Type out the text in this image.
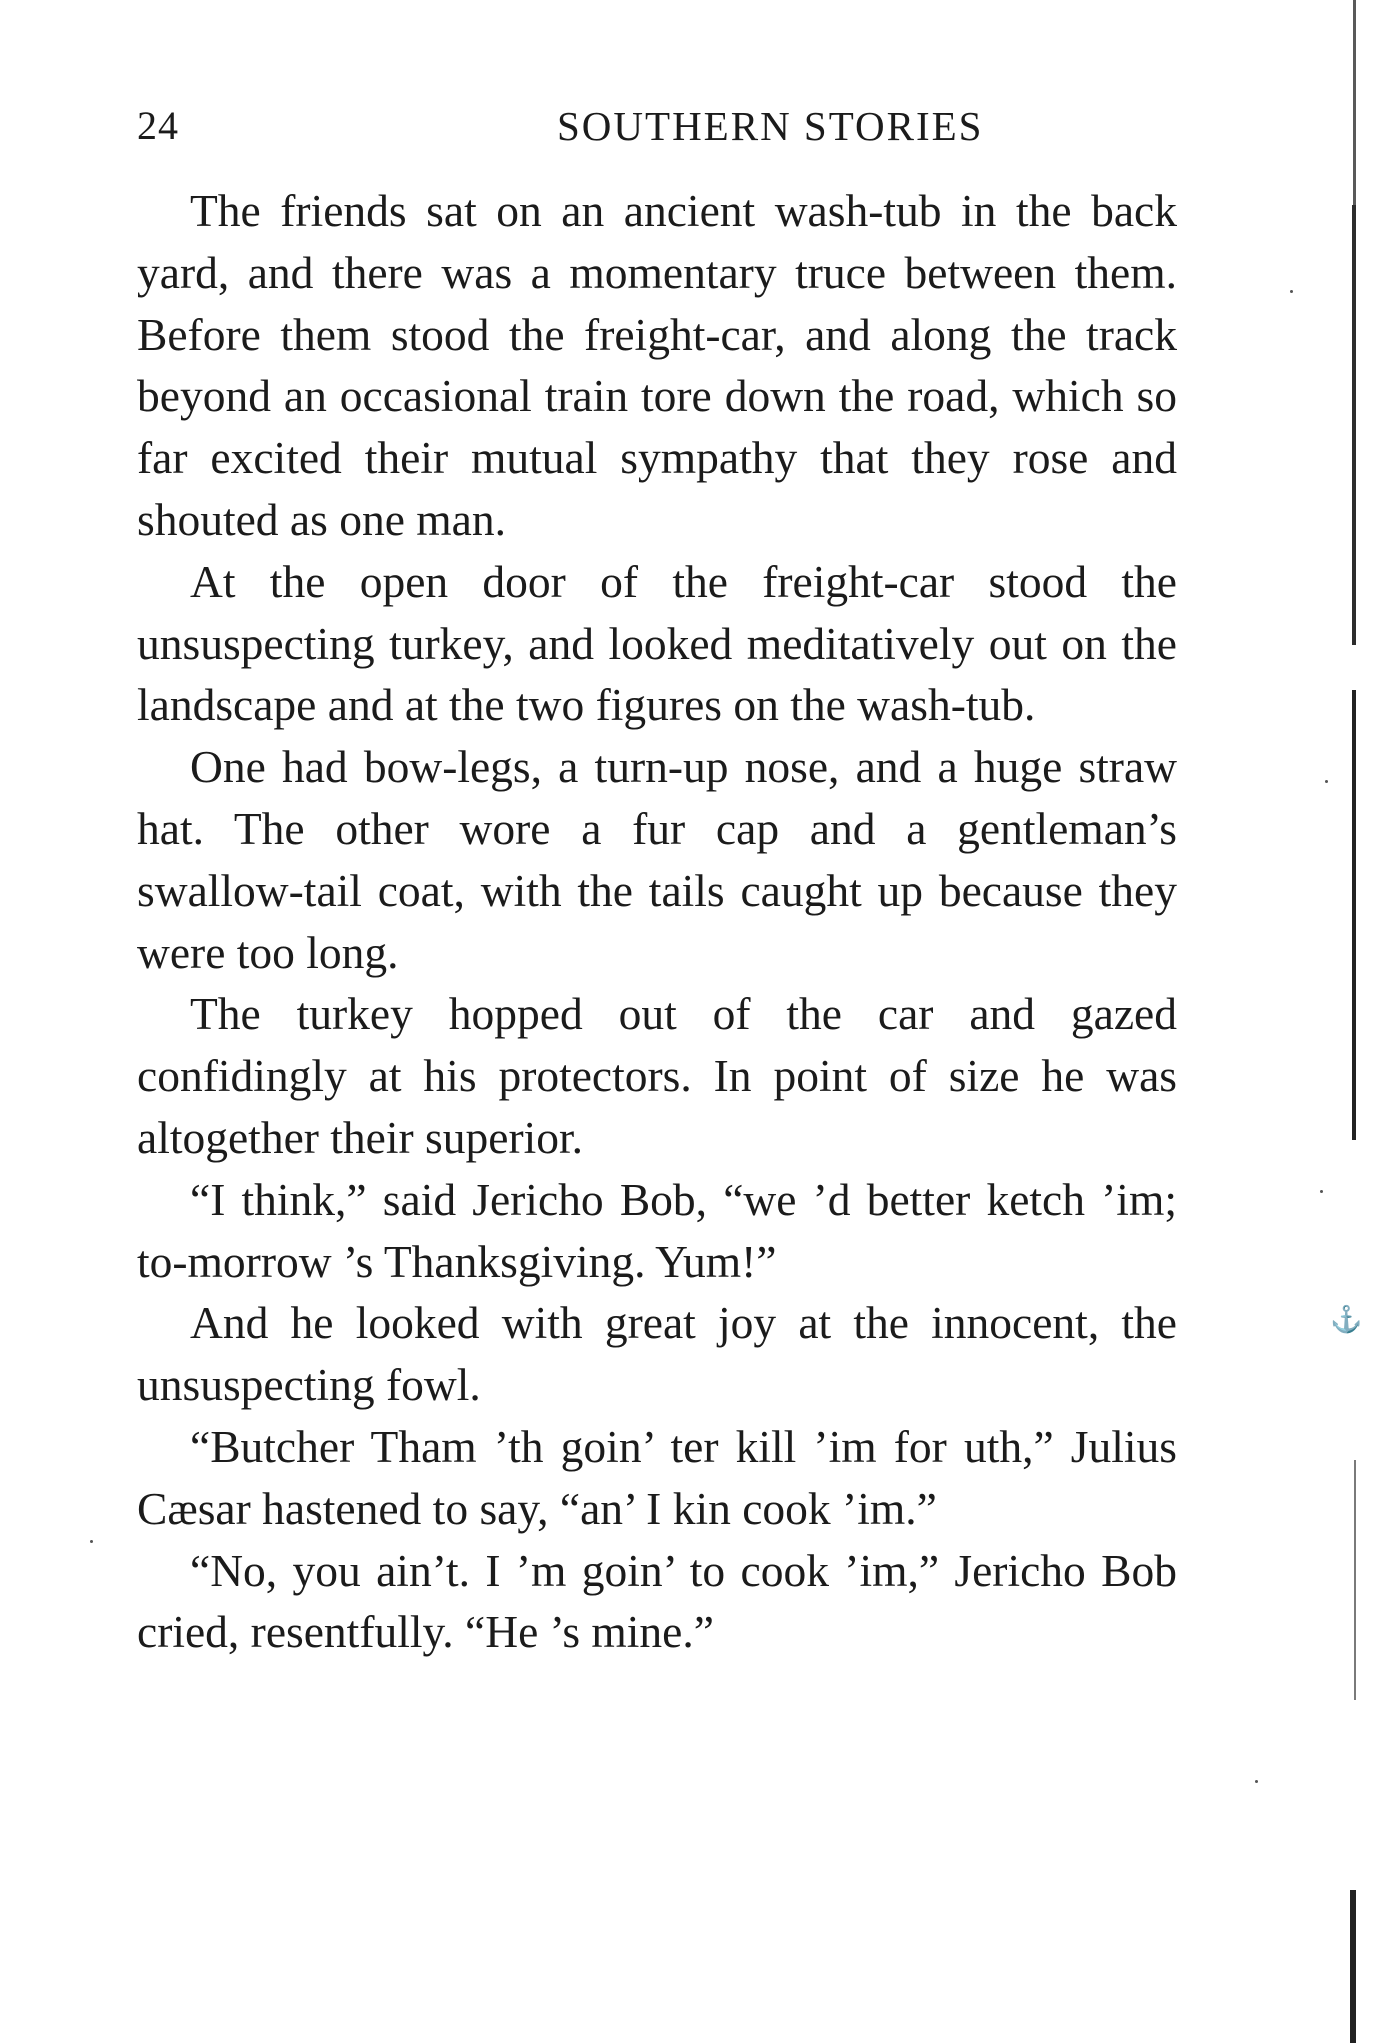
24	SOUTHERN STORIES

The friends sat on an ancient wash-tub in the back yard, and there was a momentary truce between them. Before them stood the freight-car, and along the track beyond an occasional train tore down the road, which so far excited their mutual sympathy that they rose and shouted as one man.

At the open door of the freight-car stood the unsuspecting turkey, and looked meditatively out on the landscape and at the two figures on the wash-tub.

One had bow-legs, a turn-up nose, and a huge straw hat. The other wore a fur cap and a gentleman’s swallow-tail coat, with the tails caught up because they were too long.

The turkey hopped out of the car and gazed confidingly at his protectors. In point of size he was altogether their superior.

“I think,” said Jericho Bob, “we ’d better ketch ’im; to-morrow ’s Thanksgiving. Yum!”

And he looked with great joy at the innocent, the unsuspecting fowl.

“Butcher Tham ’th goin’ ter kill ’im for uth,” Julius Cæsar hastened to say, “an’ I kin cook ’im.”

“No, you ain’t. I ’m goin’ to cook ’im,” Jericho Bob cried, resentfully. “He ’s mine.”

⚓
